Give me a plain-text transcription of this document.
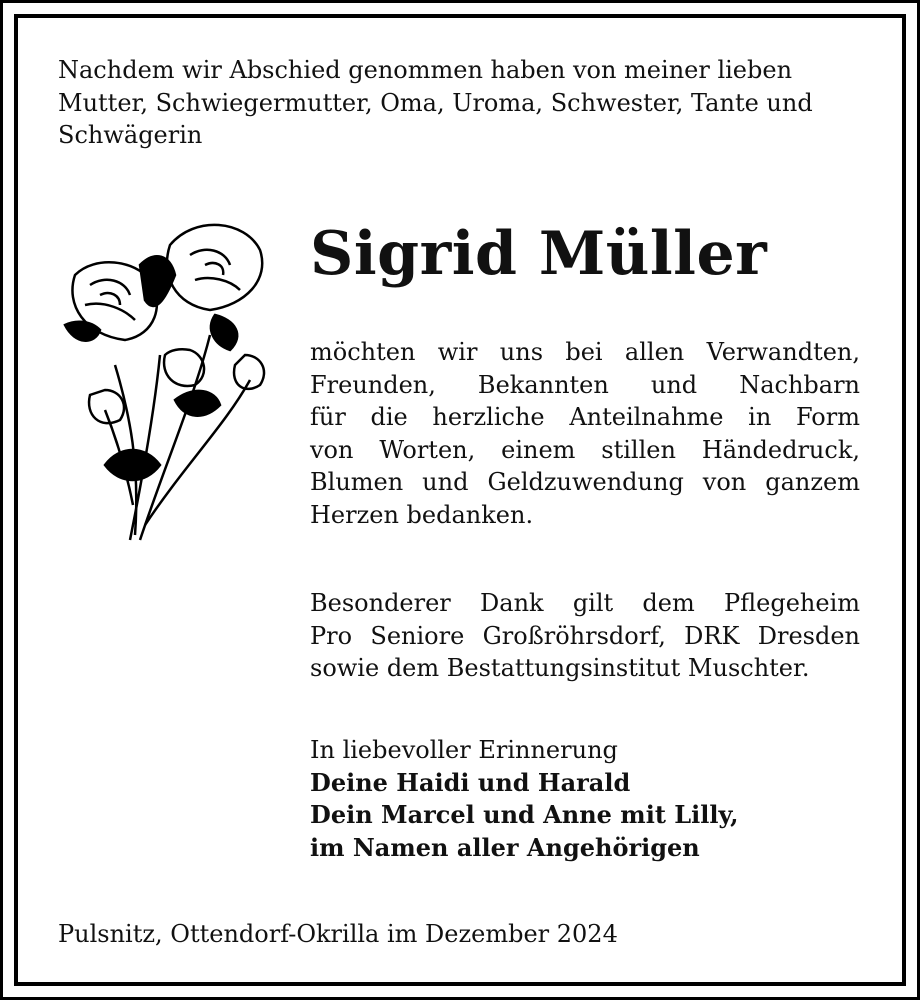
Nachdem wir Abschied genommen haben von meiner lieben Mutter, Schwiegermutter, Oma, Uroma, Schwester, Tante und Schwägerin
Sigrid Müller
möchten wir uns bei allen Verwandten,
Freunden, Bekannten und Nachbarn
für die herzliche Anteilnahme in Form
von Worten, einem stillen Händedruck,
Blumen und Geldzuwendung von ganzem
Herzen bedanken.
Besonderer Dank gilt dem Pflegeheim
Pro Seniore Großröhrsdorf, DRK Dresden
sowie dem Bestattungsinstitut Muschter.
In liebevoller Erinnerung
Deine Haidi und Harald
Dein Marcel und Anne mit Lilly,
im Namen aller Angehörigen
Pulsnitz, Ottendorf-Okrilla im Dezember 2024
